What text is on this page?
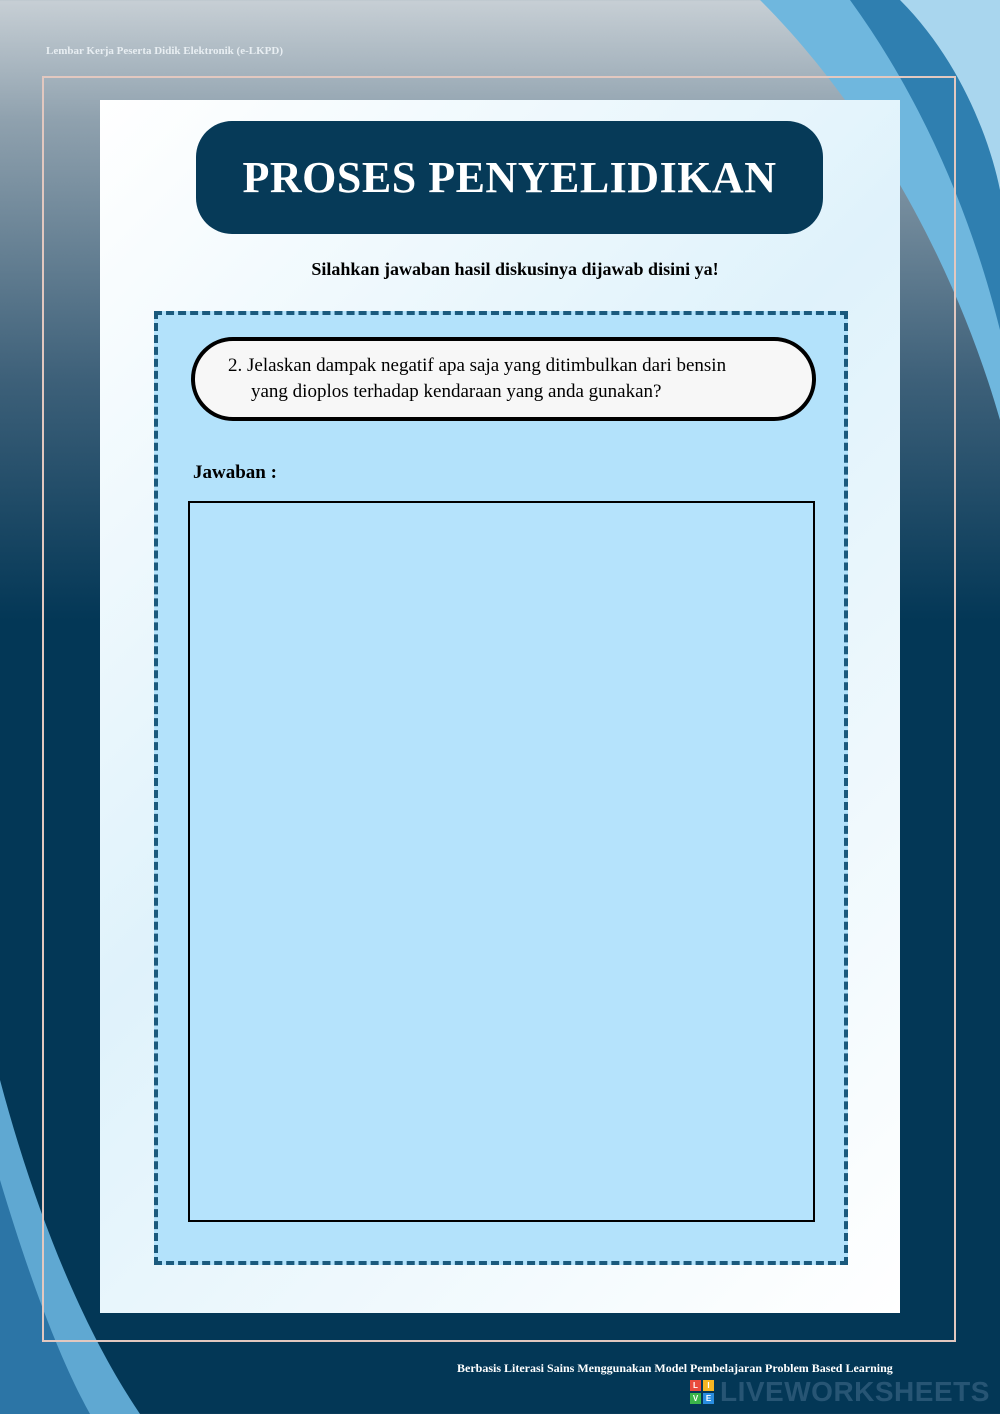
Lembar Kerja Peserta Didik Elektronik (e-LKPD)
PROSES PENYELIDIKAN
Silahkan jawaban hasil diskusinya dijawab disini ya!
2. Jelaskan dampak negatif apa saja yang ditimbulkan dari bensin
yang dioplos terhadap kendaraan yang anda gunakan?
Jawaban :
Berbasis Literasi Sains Menggunakan Model Pembelajaran Problem Based Learning
L	I
V E LIVEWORKSHEETS
